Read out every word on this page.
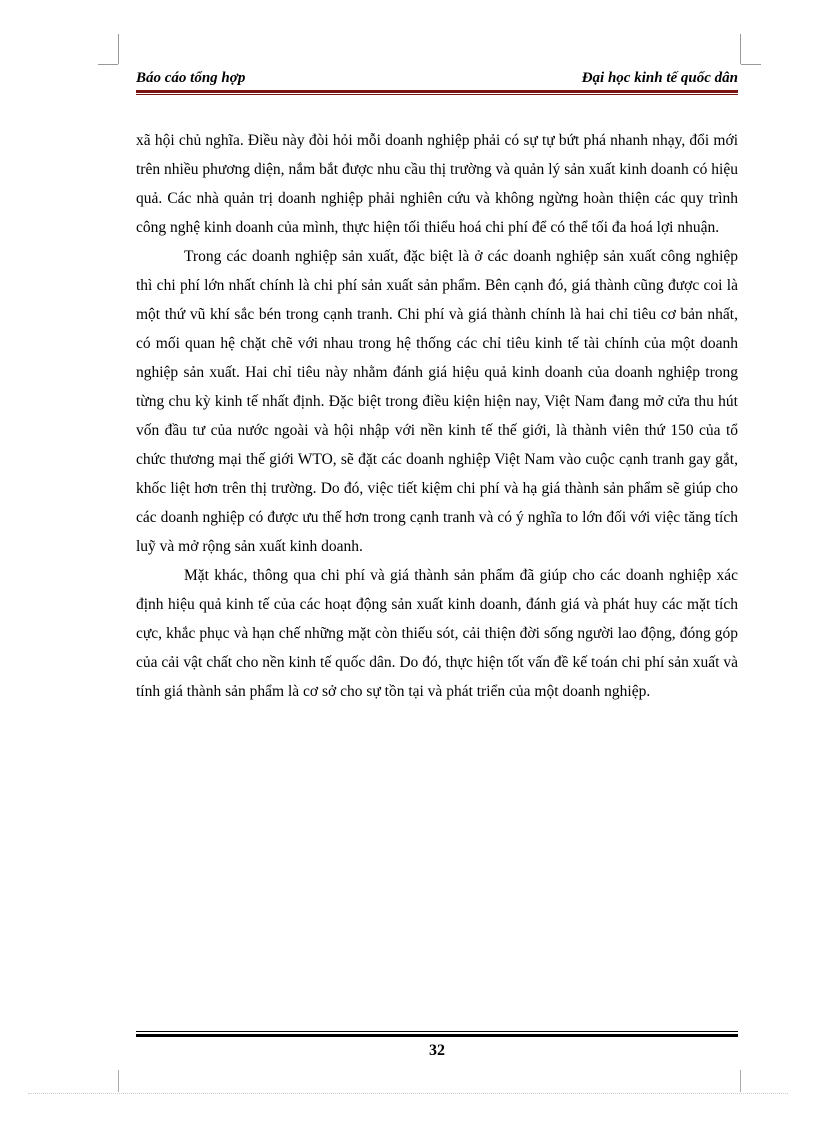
Báo cáo tổng hợp	Đại học kinh tế quốc dân

xã hội chủ nghĩa. Điều này đòi hỏi mỗi doanh nghiệp phải có sự tự bứt phá nhanh nhạy, đổi mới trên nhiều phương diện, nắm bắt được nhu cầu thị trường và quản lý sản xuất kinh doanh có hiệu quả. Các nhà quản trị doanh nghiệp phải nghiên cứu và không ngừng hoàn thiện các quy trình công nghệ kinh doanh của mình, thực hiện tối thiểu hoá chi phí để có thể tối đa hoá lợi nhuận.

Trong các doanh nghiệp sản xuất, đặc biệt là ở các doanh nghiệp sản xuất công nghiệp thì chi phí lớn nhất chính là chi phí sản xuất sản phẩm. Bên cạnh đó, giá thành cũng được coi là một thứ vũ khí sắc bén trong cạnh tranh. Chi phí và giá thành chính là hai chỉ tiêu cơ bản nhất, có mối quan hệ chặt chẽ với nhau trong hệ thống các chỉ tiêu kinh tế tài chính của một doanh nghiệp sản xuất. Hai chỉ tiêu này nhằm đánh giá hiệu quả kinh doanh của doanh nghiệp trong từng chu kỳ kinh tế nhất định. Đặc biệt trong điều kiện hiện nay, Việt Nam đang mở cửa thu hút vốn đầu tư của nước ngoài và hội nhập với nền kinh tế thế giới, là thành viên thứ 150 của tổ chức thương mại thế giới WTO, sẽ đặt các doanh nghiệp Việt Nam vào cuộc cạnh tranh gay gắt, khốc liệt hơn trên thị trường. Do đó, việc tiết kiệm chi phí và hạ giá thành sản phẩm sẽ giúp cho các doanh nghiệp có được ưu thế hơn trong cạnh tranh và có ý nghĩa to lớn đối với việc tăng tích luỹ và mở rộng sản xuất kinh doanh.

Mặt khác, thông qua chi phí và giá thành sản phẩm đã giúp cho các doanh nghiệp xác định hiệu quả kinh tế của các hoạt động sản xuất kinh doanh, đánh giá và phát huy các mặt tích cực, khắc phục và hạn chế những mặt còn thiếu sót, cải thiện đời sống người lao động, đóng góp của cải vật chất cho nền kinh tế quốc dân. Do đó, thực hiện tốt vấn đề kế toán chi phí sản xuất và tính giá thành sản phẩm là cơ sở cho sự tồn tại và phát triển của một doanh nghiệp.

32
